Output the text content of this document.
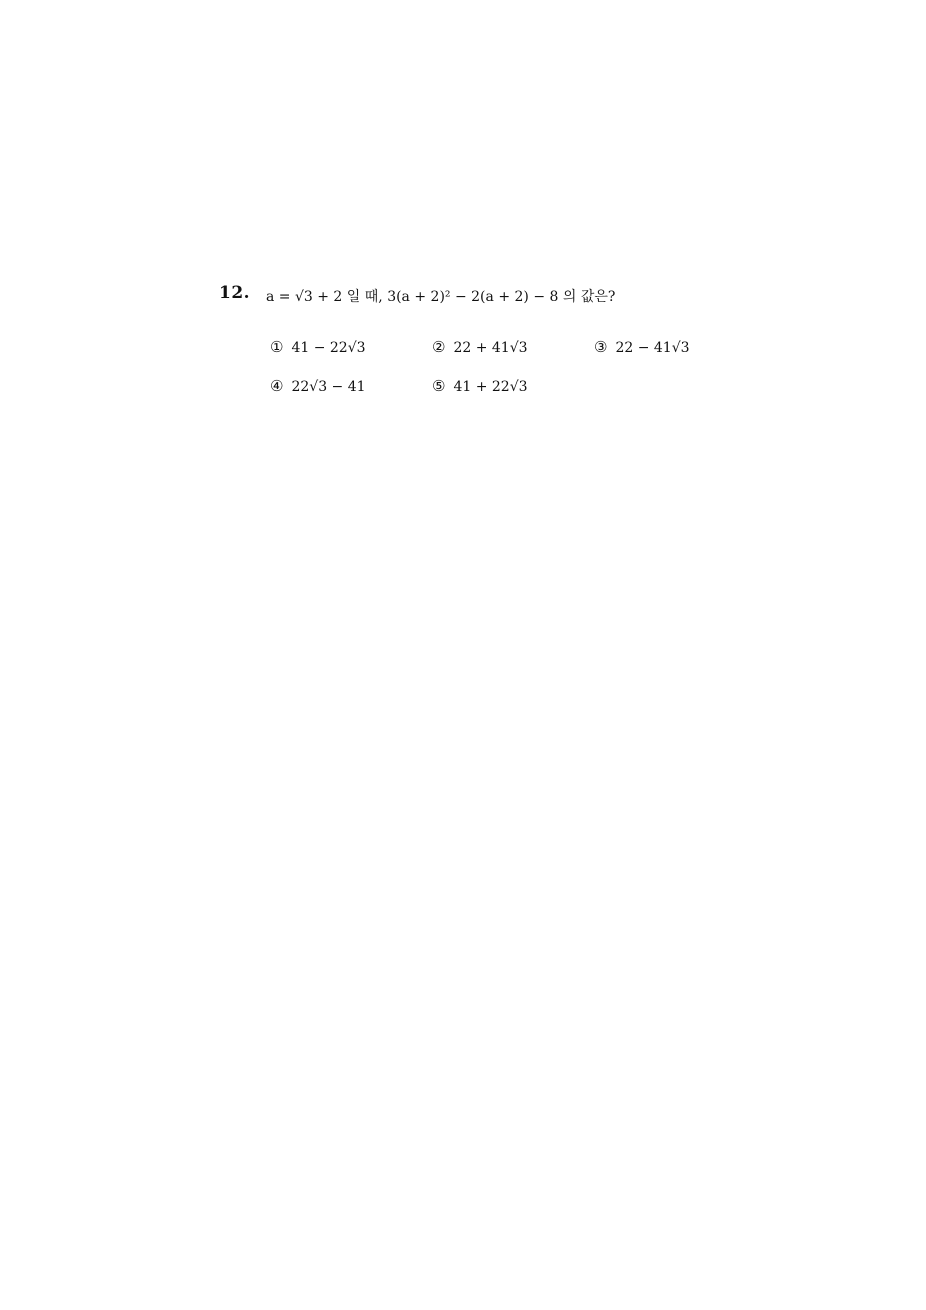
12. a = √3 + 2 일 때, 3(a + 2)² − 2(a + 2) − 8 의 값은?
① 41 − 22√3	② 22 + 41√3	③ 22 − 41√3
④ 22√3 − 41	⑤ 41 + 22√3
